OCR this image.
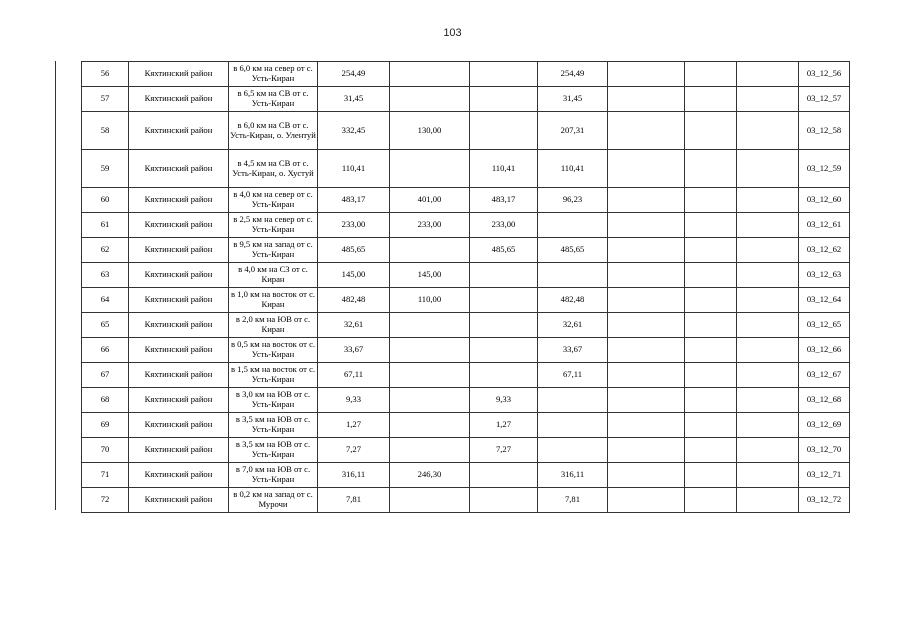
103
56	Кяхтинский район	в 6,0 км на север от с. Усть-Киран	254,49			254,49				03_12_56
57	Кяхтинский район	в 6,5 км на СВ от с. Усть-Киран	31,45			31,45				03_12_57
58	Кяхтинский район	в 6,0 км на СВ от с. Усть-Киран, о. Улентуй	332,45	130,00		207,31				03_12_58
59	Кяхтинский район	в 4,5 км на СВ от с. Усть-Киран, о. Хустуй	110,41		110,41	110,41				03_12_59
60	Кяхтинский район	в 4,0 км на север от с. Усть-Киран	483,17	401,00	483,17	96,23				03_12_60
61	Кяхтинский район	в 2,5 км на север от с. Усть-Киран	233,00	233,00	233,00					03_12_61
62	Кяхтинский район	в 9,5 км на запад от с. Усть-Киран	485,65		485,65	485,65				03_12_62
63	Кяхтинский район	в 4,0 км на СЗ от с. Киран	145,00	145,00						03_12_63
64	Кяхтинский район	в 1,0 км на восток от с. Киран	482,48	110,00		482,48				03_12_64
65	Кяхтинский район	в 2,0 км на ЮВ от с. Киран	32,61			32,61				03_12_65
66	Кяхтинский район	в 0,5 км на восток от с. Усть-Киран	33,67			33,67				03_12_66
67	Кяхтинский район	в 1,5 км на восток от с. Усть-Киран	67,11			67,11				03_12_67
68	Кяхтинский район	в 3,0 км на ЮВ от с. Усть-Киран	9,33		9,33					03_12_68
69	Кяхтинский район	в 3,5 км на ЮВ от с. Усть-Киран	1,27		1,27					03_12_69
70	Кяхтинский район	в 3,5 км на ЮВ от с. Усть-Киран	7,27		7,27					03_12_70
71	Кяхтинский район	в 7,0 км на ЮВ от с. Усть-Киран	316,11	246,30		316,11				03_12_71
72	Кяхтинский район	в 0,2 км на запад от с. Мурочи	7,81			7,81				03_12_72
